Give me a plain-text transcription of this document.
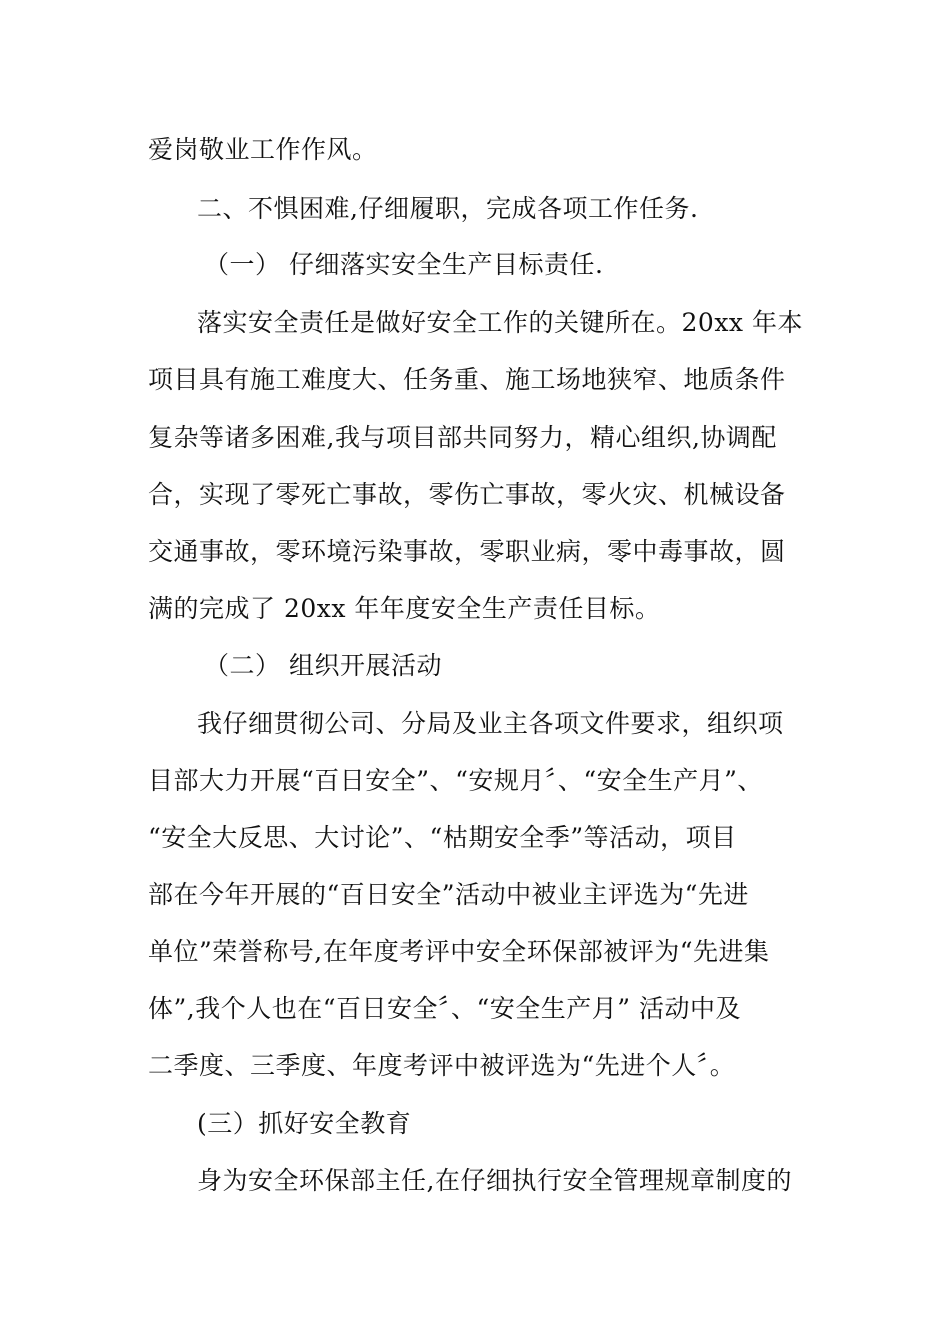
爱岗敬业工作作风。
二、不惧困难,仔细履职，完成各项工作任务.
（一） 仔细落实安全生产目标责任.
落实安全责任是做好安全工作的关键所在。20xx 年本
项目具有施工难度大、任务重、施工场地狭窄、地质条件
复杂等诸多困难,我与项目部共同努力，精心组织,协调配
合，实现了零死亡事故，零伤亡事故，零火灾、机械设备
交通事故，零环境污染事故，零职业病，零中毒事故，圆
满的完成了 20xx 年年度安全生产责任目标。
（二） 组织开展活动
我仔细贯彻公司、分局及业主各项文件要求，组织项
目部大力开展“百日安全”、“安规月〞、“安全生产月”、
“安全大反思、大讨论”、“枯期安全季”等活动，项目
部在今年开展的“百日安全”活动中被业主评选为“先进
单位”荣誉称号,在年度考评中安全环保部被评为“先进集
体”,我个人也在“百日安全〞、“安全生产月” 活动中及
二季度、三季度、年度考评中被评选为“先进个人〞。
(三）抓好安全教育
身为安全环保部主任,在仔细执行安全管理规章制度的
